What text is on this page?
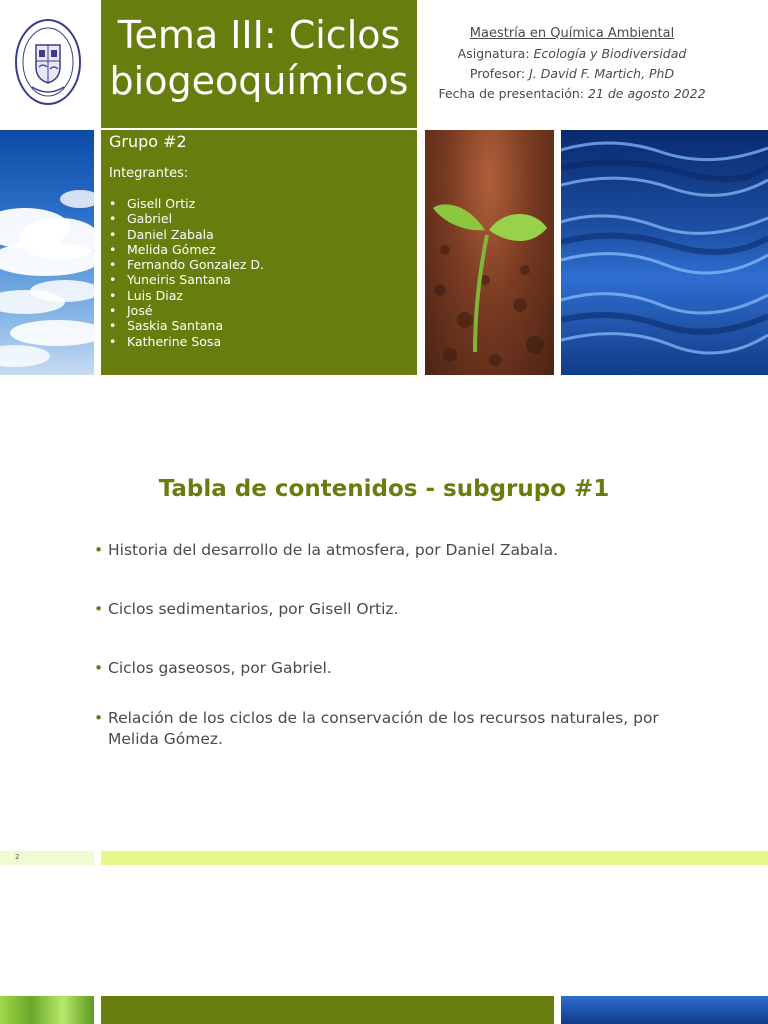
Tema III: Ciclos
biogeoquímicos
Maestría en Química Ambiental
Asignatura: Ecología y Biodiversidad
Profesor: J. David F. Martich, PhD
Fecha de presentación: 21 de agosto 2022
Grupo #2
Integrantes:
• Gisell Ortiz
• Gabriel
• Daniel Zabala
• Melida Gómez
• Fernando Gonzalez D.
• Yuneiris Santana
• Luis Diaz
• José
• Saskia Santana
• Katherine Sosa
Tabla de contenidos - subgrupo #1
• Historia del desarrollo de la atmosfera, por Daniel Zabala.
• Ciclos sedimentarios, por Gisell Ortiz.
• Ciclos gaseosos, por Gabriel.
• Relación de los ciclos de la conservación de los recursos naturales, por Melida Gómez.
2
